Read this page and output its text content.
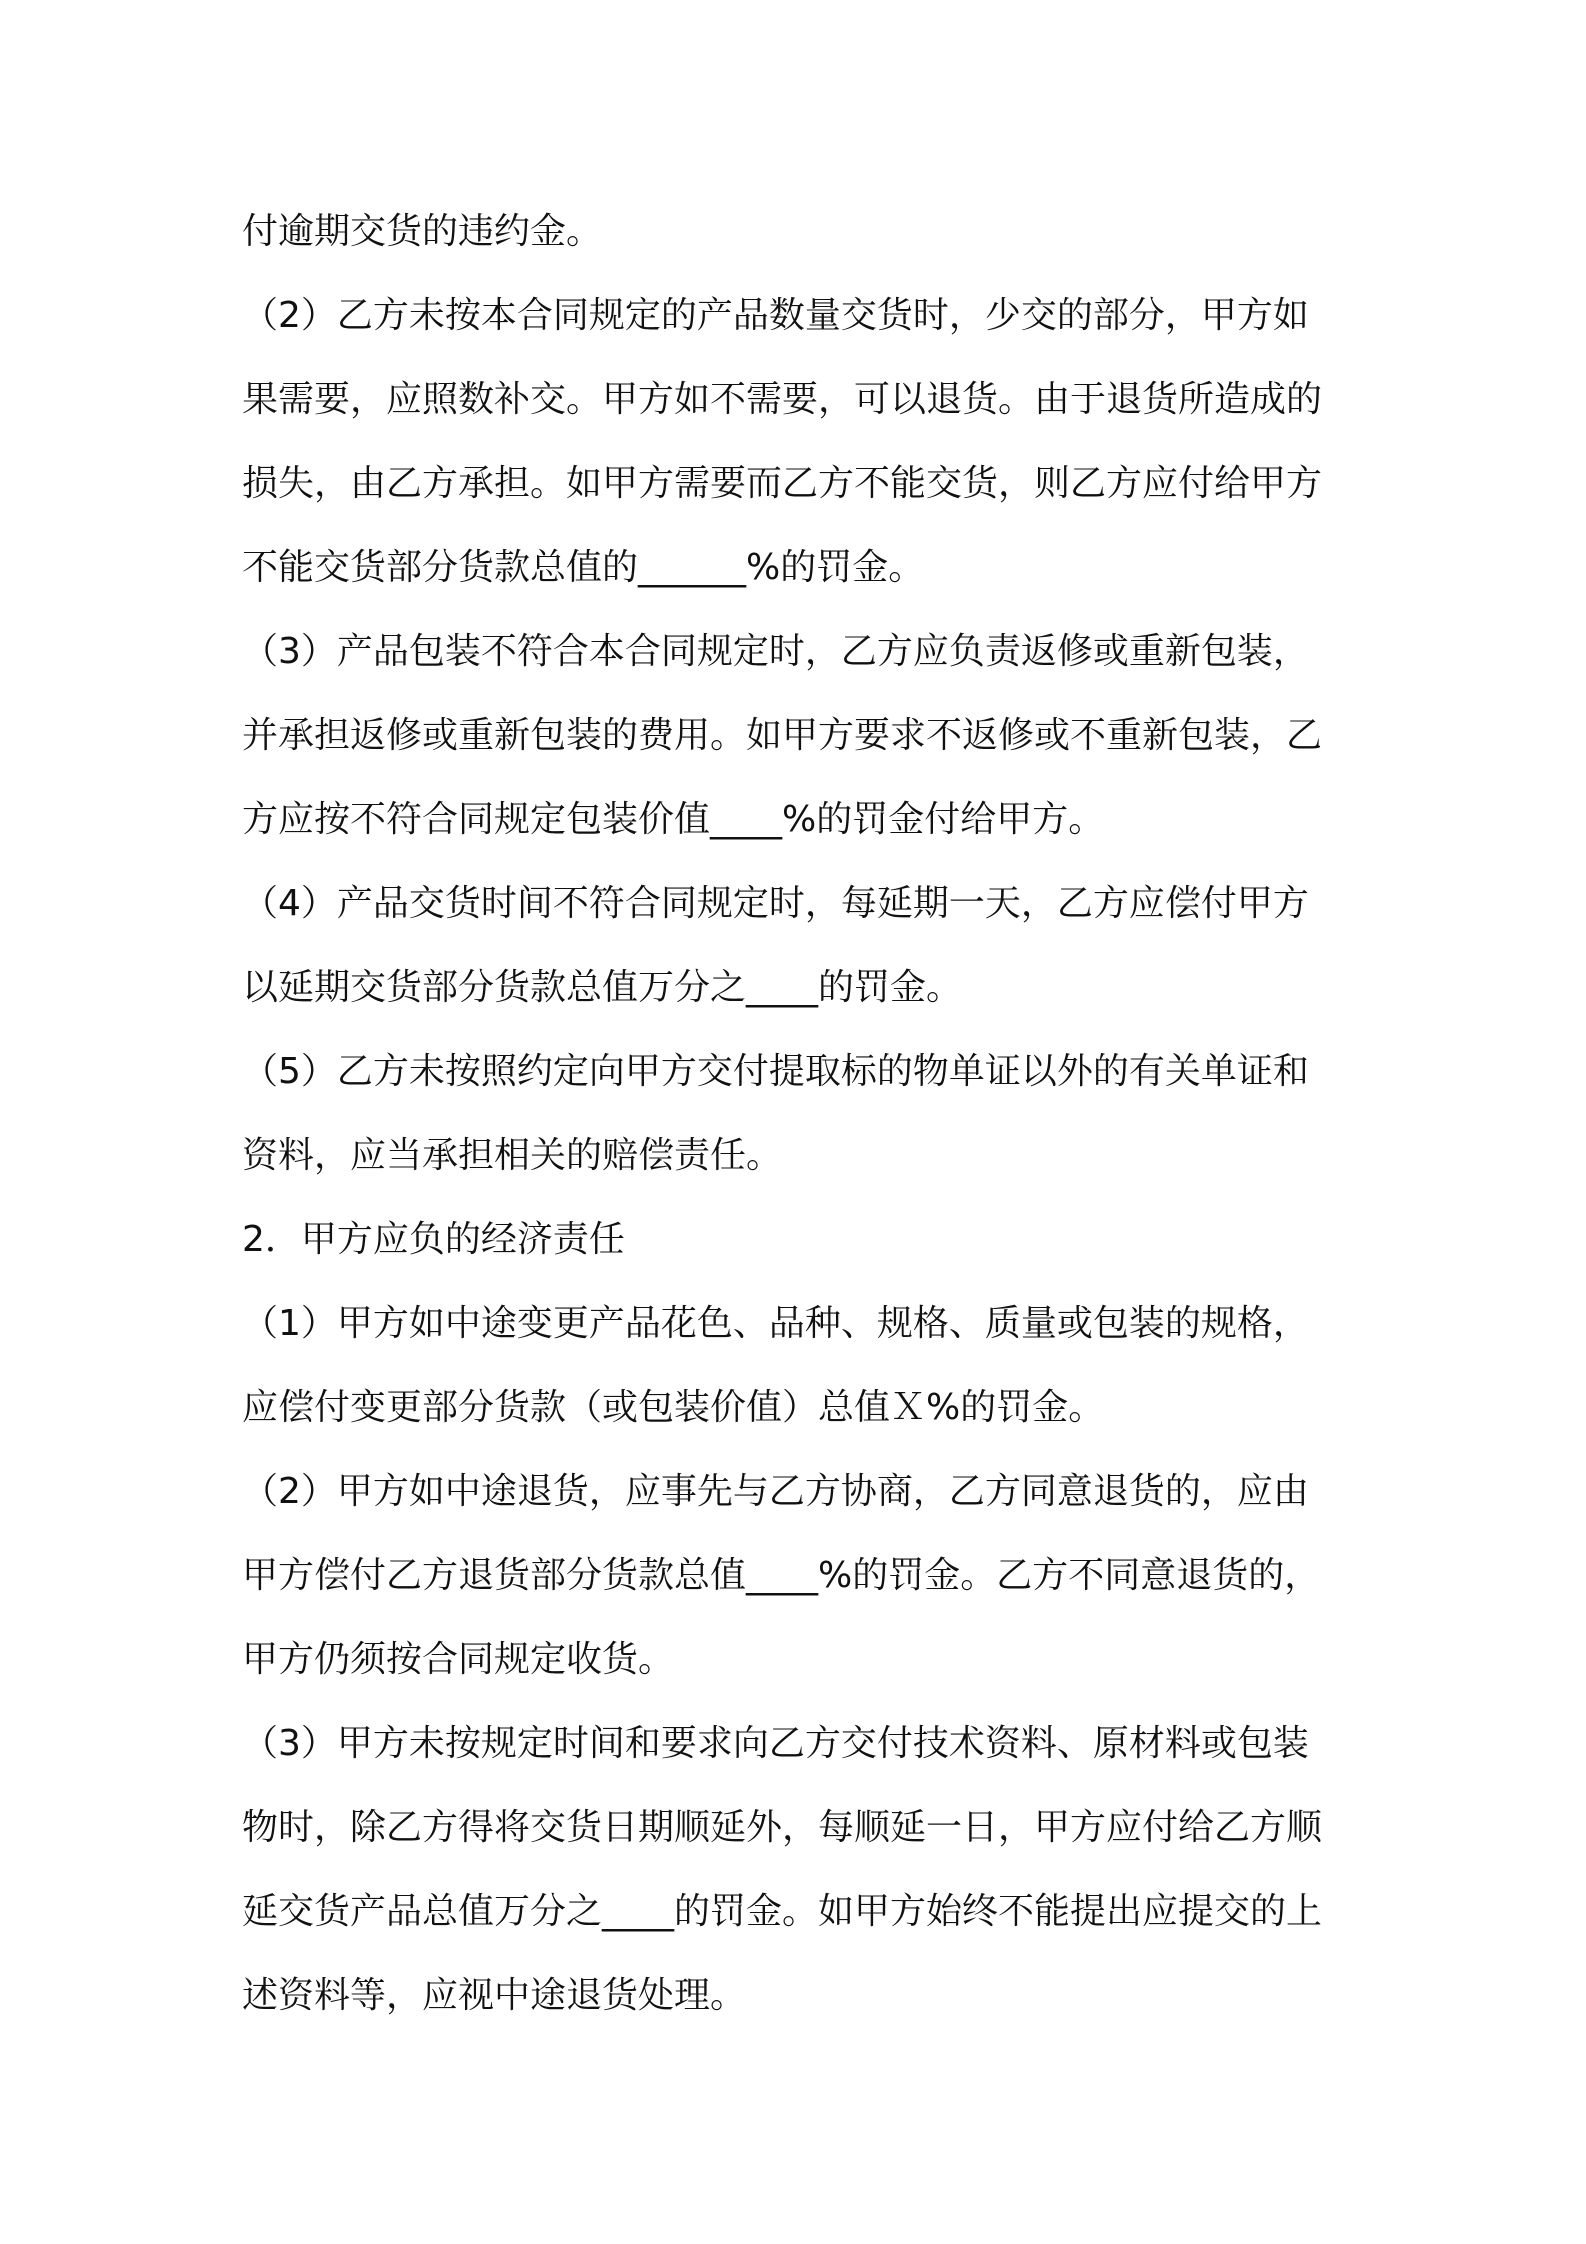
付逾期交货的违约金。
（2）乙方未按本合同规定的产品数量交货时，少交的部分，甲方如
果需要，应照数补交。甲方如不需要，可以退货。由于退货所造成的
损失，由乙方承担。如甲方需要而乙方不能交货，则乙方应付给甲方
不能交货部分货款总值的______%的罚金。
（3）产品包装不符合本合同规定时，乙方应负责返修或重新包装，
并承担返修或重新包装的费用。如甲方要求不返修或不重新包装，乙
方应按不符合同规定包装价值____%的罚金付给甲方。
（4）产品交货时间不符合同规定时，每延期一天，乙方应偿付甲方
以延期交货部分货款总值万分之____的罚金。
（5）乙方未按照约定向甲方交付提取标的物单证以外的有关单证和
资料，应当承担相关的赔偿责任。
2．甲方应负的经济责任
（1）甲方如中途变更产品花色、品种、规格、质量或包装的规格，
应偿付变更部分货款（或包装价值）总值Ｘ%的罚金。
（2）甲方如中途退货，应事先与乙方协商，乙方同意退货的，应由
甲方偿付乙方退货部分货款总值____%的罚金。乙方不同意退货的，
甲方仍须按合同规定收货。
（3）甲方未按规定时间和要求向乙方交付技术资料、原材料或包装
物时，除乙方得将交货日期顺延外，每顺延一日，甲方应付给乙方顺
延交货产品总值万分之____的罚金。如甲方始终不能提出应提交的上
述资料等，应视中途退货处理。
